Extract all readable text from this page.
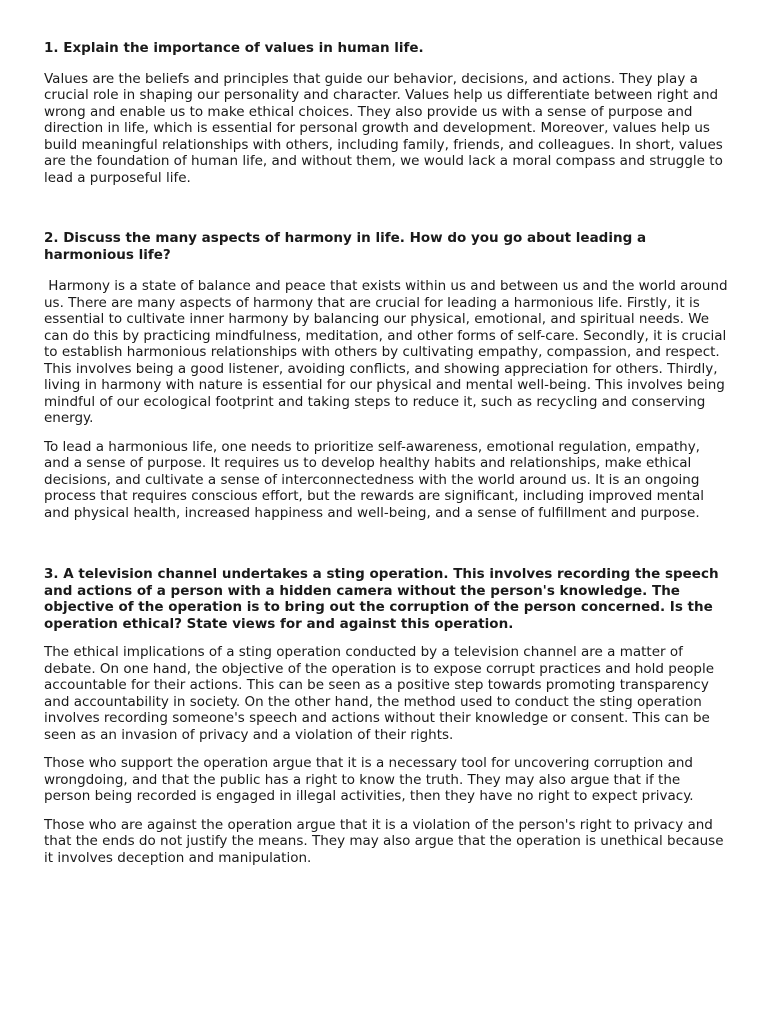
1. Explain the importance of values in human life.

Values are the beliefs and principles that guide our behavior, decisions, and actions. They play a crucial role in shaping our personality and character. Values help us differentiate between right and wrong and enable us to make ethical choices. They also provide us with a sense of purpose and direction in life, which is essential for personal growth and development. Moreover, values help us build meaningful relationships with others, including family, friends, and colleagues. In short, values are the foundation of human life, and without them, we would lack a moral compass and struggle to lead a purposeful life.

2. Discuss the many aspects of harmony in life. How do you go about leading a harmonious life?

Harmony is a state of balance and peace that exists within us and between us and the world around us. There are many aspects of harmony that are crucial for leading a harmonious life. Firstly, it is essential to cultivate inner harmony by balancing our physical, emotional, and spiritual needs. We can do this by practicing mindfulness, meditation, and other forms of self-care. Secondly, it is crucial to establish harmonious relationships with others by cultivating empathy, compassion, and respect. This involves being a good listener, avoiding conflicts, and showing appreciation for others. Thirdly, living in harmony with nature is essential for our physical and mental well-being. This involves being mindful of our ecological footprint and taking steps to reduce it, such as recycling and conserving energy.

To lead a harmonious life, one needs to prioritize self-awareness, emotional regulation, empathy, and a sense of purpose. It requires us to develop healthy habits and relationships, make ethical decisions, and cultivate a sense of interconnectedness with the world around us. It is an ongoing process that requires conscious effort, but the rewards are significant, including improved mental and physical health, increased happiness and well-being, and a sense of fulfillment and purpose.

3. A television channel undertakes a sting operation. This involves recording the speech and actions of a person with a hidden camera without the person's knowledge. The objective of the operation is to bring out the corruption of the person concerned. Is the operation ethical? State views for and against this operation.

The ethical implications of a sting operation conducted by a television channel are a matter of debate. On one hand, the objective of the operation is to expose corrupt practices and hold people accountable for their actions. This can be seen as a positive step towards promoting transparency and accountability in society. On the other hand, the method used to conduct the sting operation involves recording someone's speech and actions without their knowledge or consent. This can be seen as an invasion of privacy and a violation of their rights.

Those who support the operation argue that it is a necessary tool for uncovering corruption and wrongdoing, and that the public has a right to know the truth. They may also argue that if the person being recorded is engaged in illegal activities, then they have no right to expect privacy.

Those who are against the operation argue that it is a violation of the person's right to privacy and that the ends do not justify the means. They may also argue that the operation is unethical because it involves deception and manipulation.
